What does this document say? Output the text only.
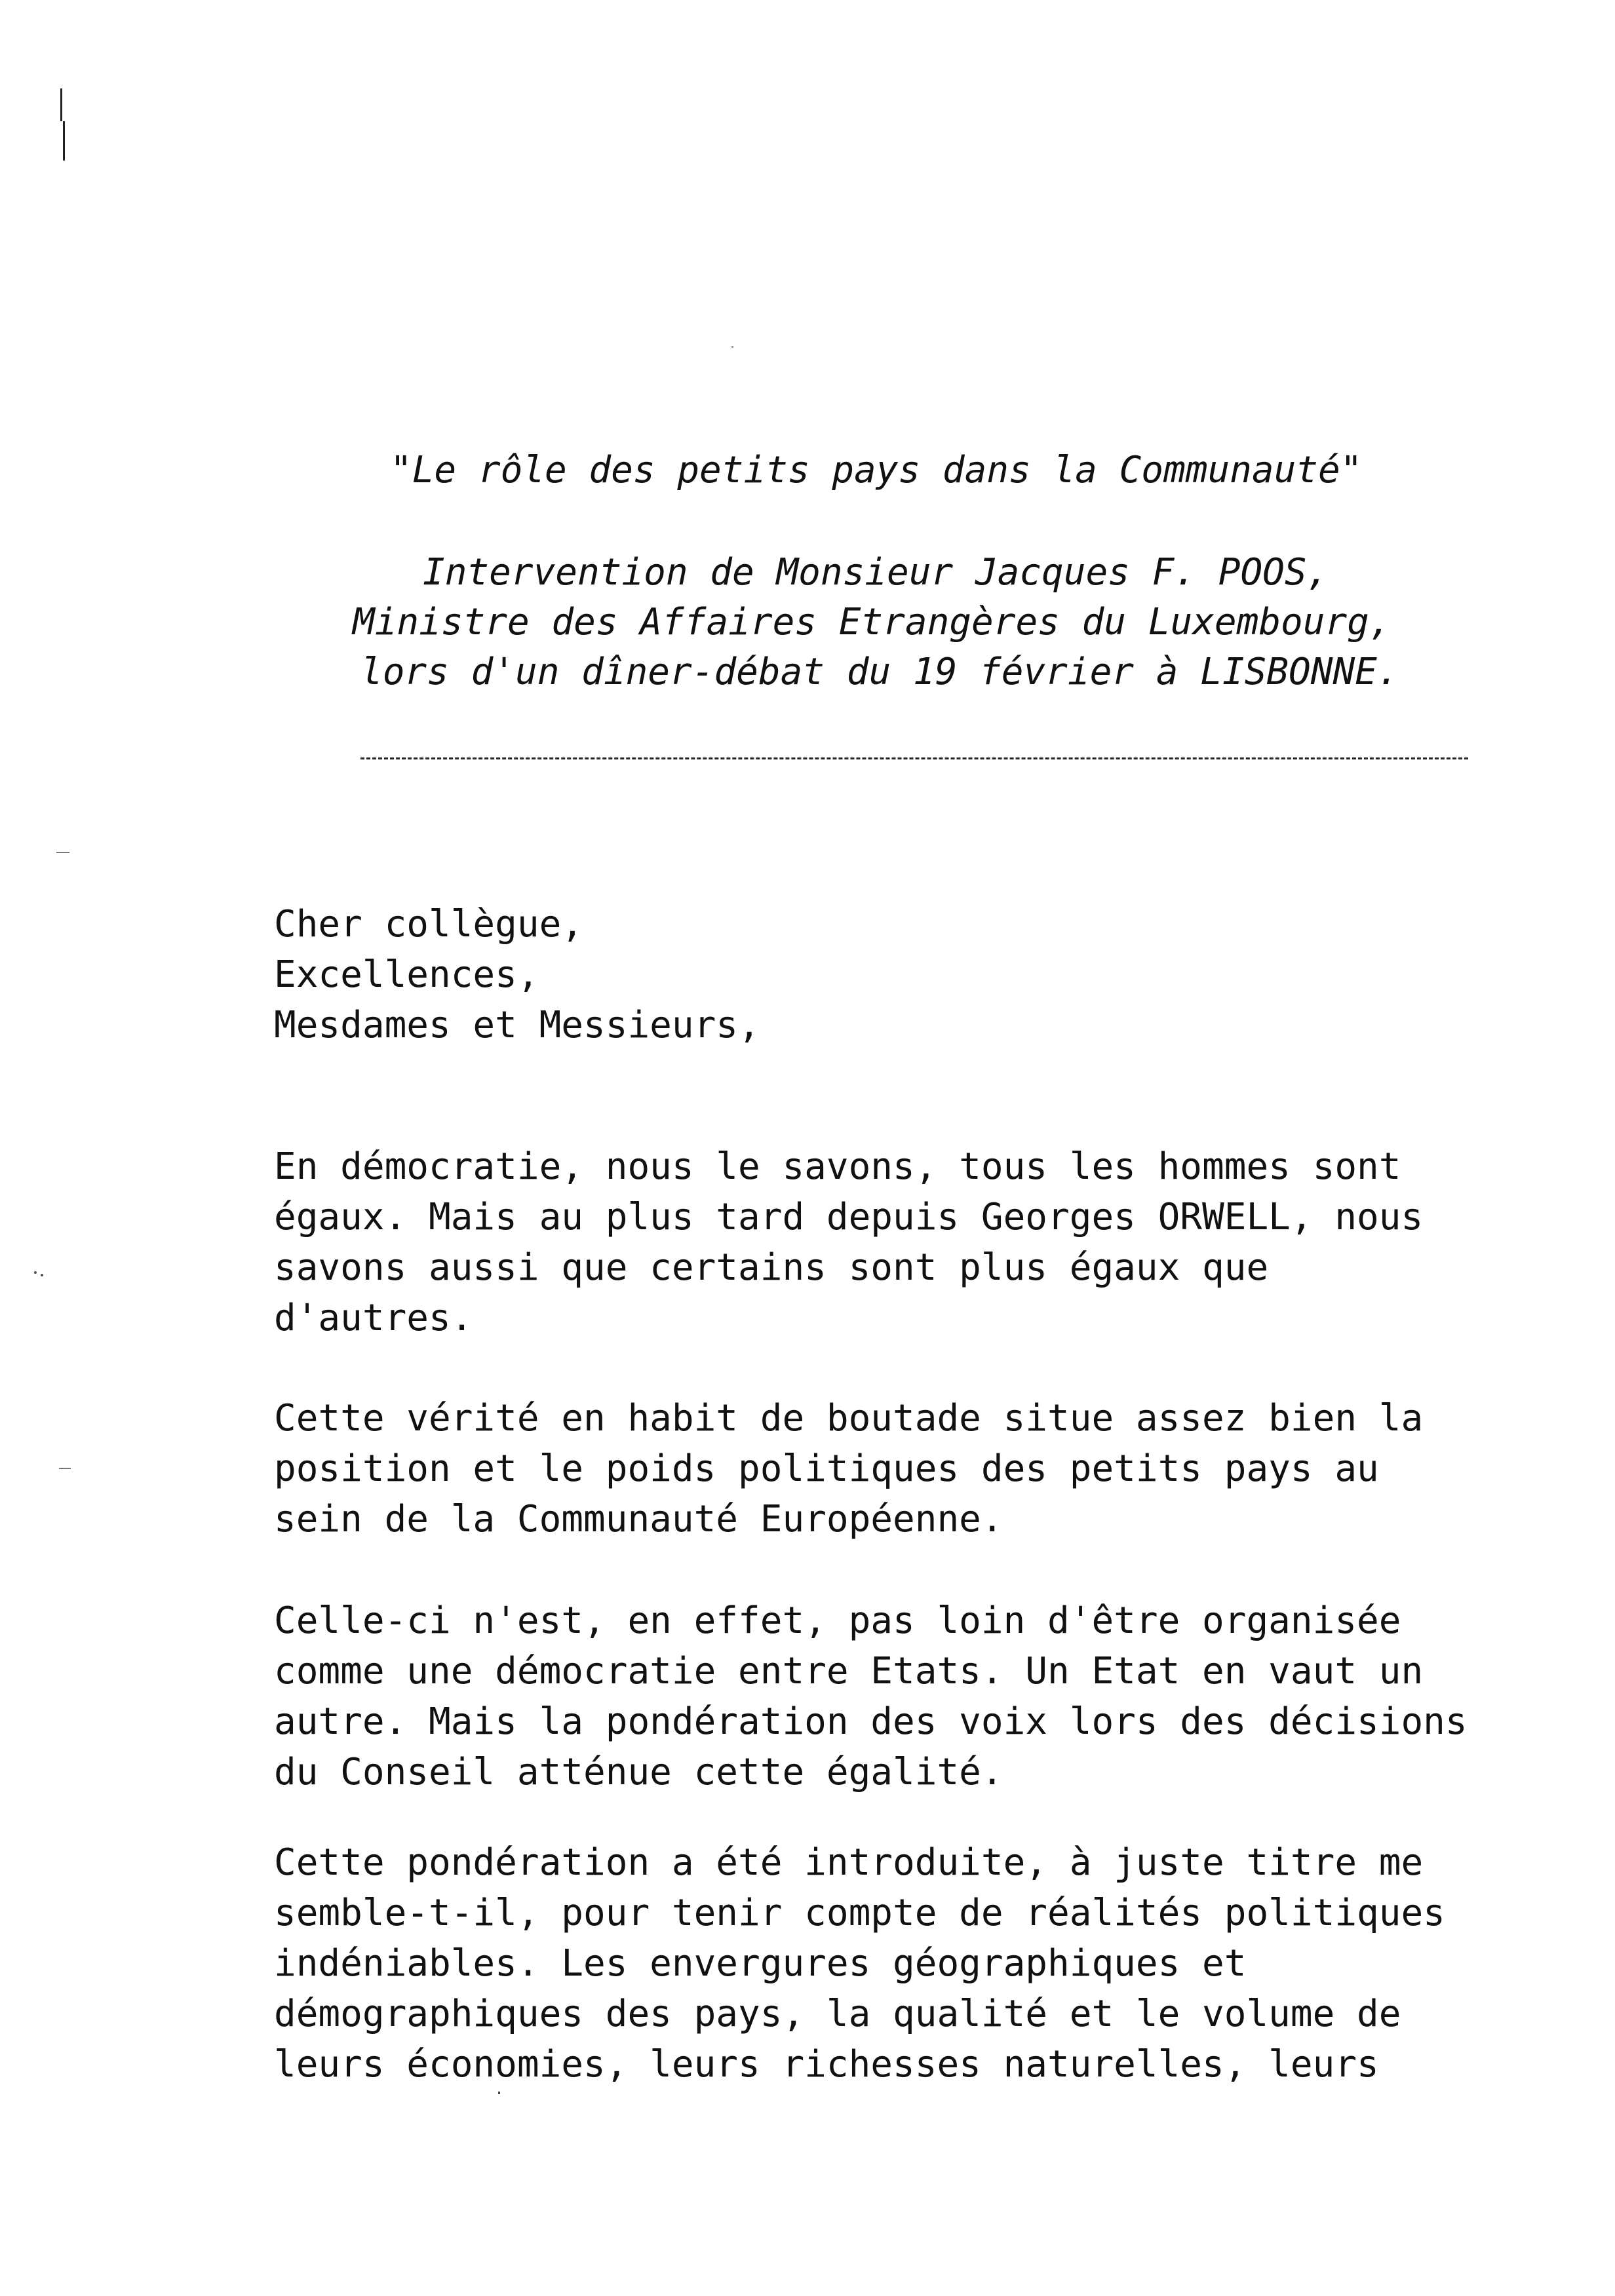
"Le rôle des petits pays dans la Communauté"

Intervention de Monsieur Jacques F. POOS,

Ministre des Affaires Etrangères du Luxembourg,

lors d'un dîner-débat du 19 février à LISBONNE.

Cher collègue,
Excellences,
Mesdames et Messieurs,
En démocratie, nous le savons, tous les hommes sont
égaux. Mais au plus tard depuis Georges ORWELL, nous
savons aussi que certains sont plus égaux que
d'autres.
Cette vérité en habit de boutade situe assez bien la
position et le poids politiques des petits pays au
sein de la Communauté Européenne.
Celle-ci n'est, en effet, pas loin d'être organisée
comme une démocratie entre Etats. Un Etat en vaut un
autre. Mais la pondération des voix lors des décisions
du Conseil atténue cette égalité.
Cette pondération a été introduite, à juste titre me
semble-t-il, pour tenir compte de réalités politiques
indéniables. Les envergures géographiques et
démographiques des pays, la qualité et le volume de
leurs économies, leurs richesses naturelles, leurs
